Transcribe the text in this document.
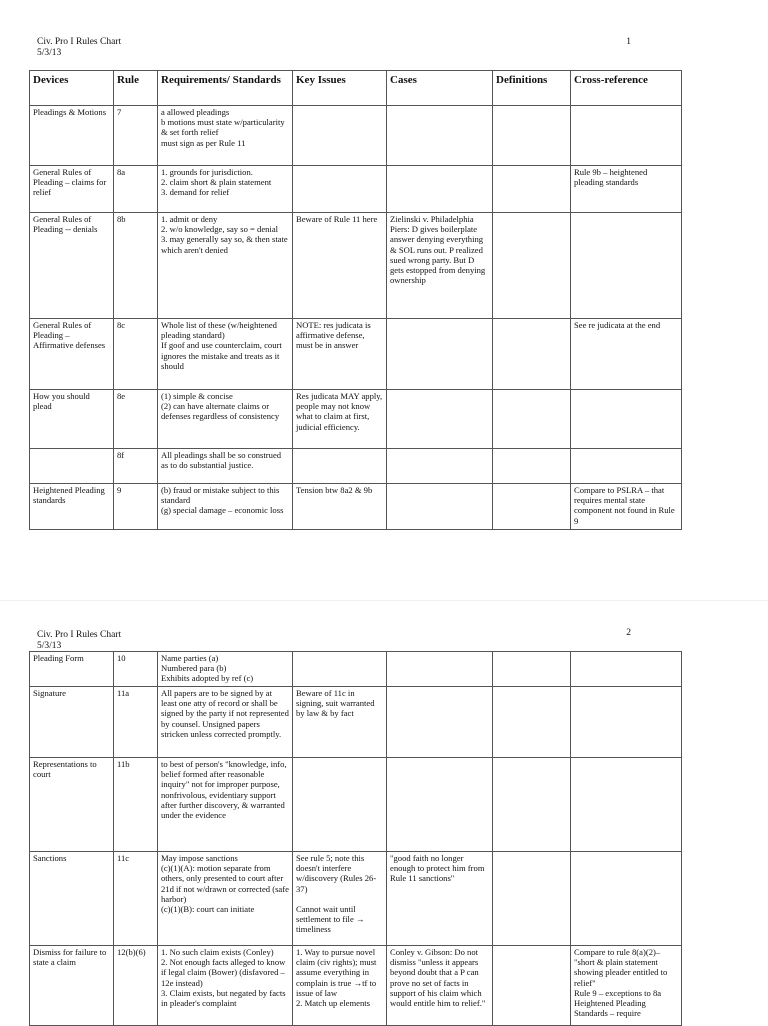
Civ. Pro I Rules Chart
5/3/13
1
Devices	Rule	Requirements/ Standards	Key Issues	Cases	Definitions	Cross-reference
Pleadings & Motions	7	a allowed pleadings
b motions must state w/particularity & set forth relief
must sign as per Rule 11				
General Rules of Pleading – claims for relief	8a	1. grounds for jurisdiction.
2. claim short & plain statement
3. demand for relief				Rule 9b – heightened pleading standards
General Rules of Pleading -- denials	8b	1. admit or deny
2. w/o knowledge, say so = denial
3. may generally say so, & then state which aren't denied	Beware of Rule 11 here	Zielinski v. Philadelphia Piers: D gives boilerplate answer denying everything & SOL runs out. P realized sued wrong party. But D gets estopped from denying ownership		
General Rules of Pleading – Affirmative defenses	8c	Whole list of these (w/heightened pleading standard)
If goof and use counterclaim, court ignores the mistake and treats as it should	NOTE: res judicata is affirmative defense, must be in answer			See re judicata at the end
How you should plead	8e	(1) simple & concise
(2) can have alternate claims or defenses regardless of consistency	Res judicata MAY apply, people may not know what to claim at first, judicial efficiency.			
	8f	All pleadings shall be so construed as to do substantial justice.				
Heightened Pleading standards	9	(b) fraud or mistake subject to this standard
(g) special damage – economic loss	Tension btw 8a2 & 9b			Compare to PSLRA – that requires mental state component not found in Rule 9
Civ. Pro I Rules Chart
5/3/13
2
Pleading Form	10	Name parties (a)
Numbered para (b)
Exhibits adopted by ref (c)				
Signature	11a	All papers are to be signed by at least one atty of record or shall be signed by the party if not represented by counsel. Unsigned papers stricken unless corrected promptly.	Beware of 11c in signing, suit warranted by law & by fact			
Representations to court	11b	to best of person's "knowledge, info, belief formed after reasonable inquiry" not for improper purpose, nonfrivolous, evidentiary support after further discovery, & warranted under the evidence				
Sanctions	11c	May impose sanctions
(c)(1)(A): motion separate from others, only presented to court after 21d if not w/drawn or corrected (safe harbor)
(c)(1)(B): court can initiate	See rule 5; note this doesn't interfere w/discovery (Rules 26-37)

Cannot wait until settlement to file → timeliness	"good faith no longer enough to protect him from Rule 11 sanctions"		
Dismiss for failure to state a claim	12(b)(6)	1. No such claim exists (Conley)
2. Not enough facts alleged to know if legal claim (Bower) (disfavored – 12e instead)
3. Claim exists, but negated by facts in pleader's complaint	1. Way to pursue novel claim (civ rights); must assume everything in complain is true →tf to issue of law
2. Match up elements	Conley v. Gibson: Do not dismiss "unless it appears beyond doubt that a P can prove no set of facts in support of his claim which would entitle him to relief."		Compare to rule 8(a)(2)– "short & plain statement showing pleader entitled to relief"
Rule 9 – exceptions to 8a Heightened Pleading Standards – require
